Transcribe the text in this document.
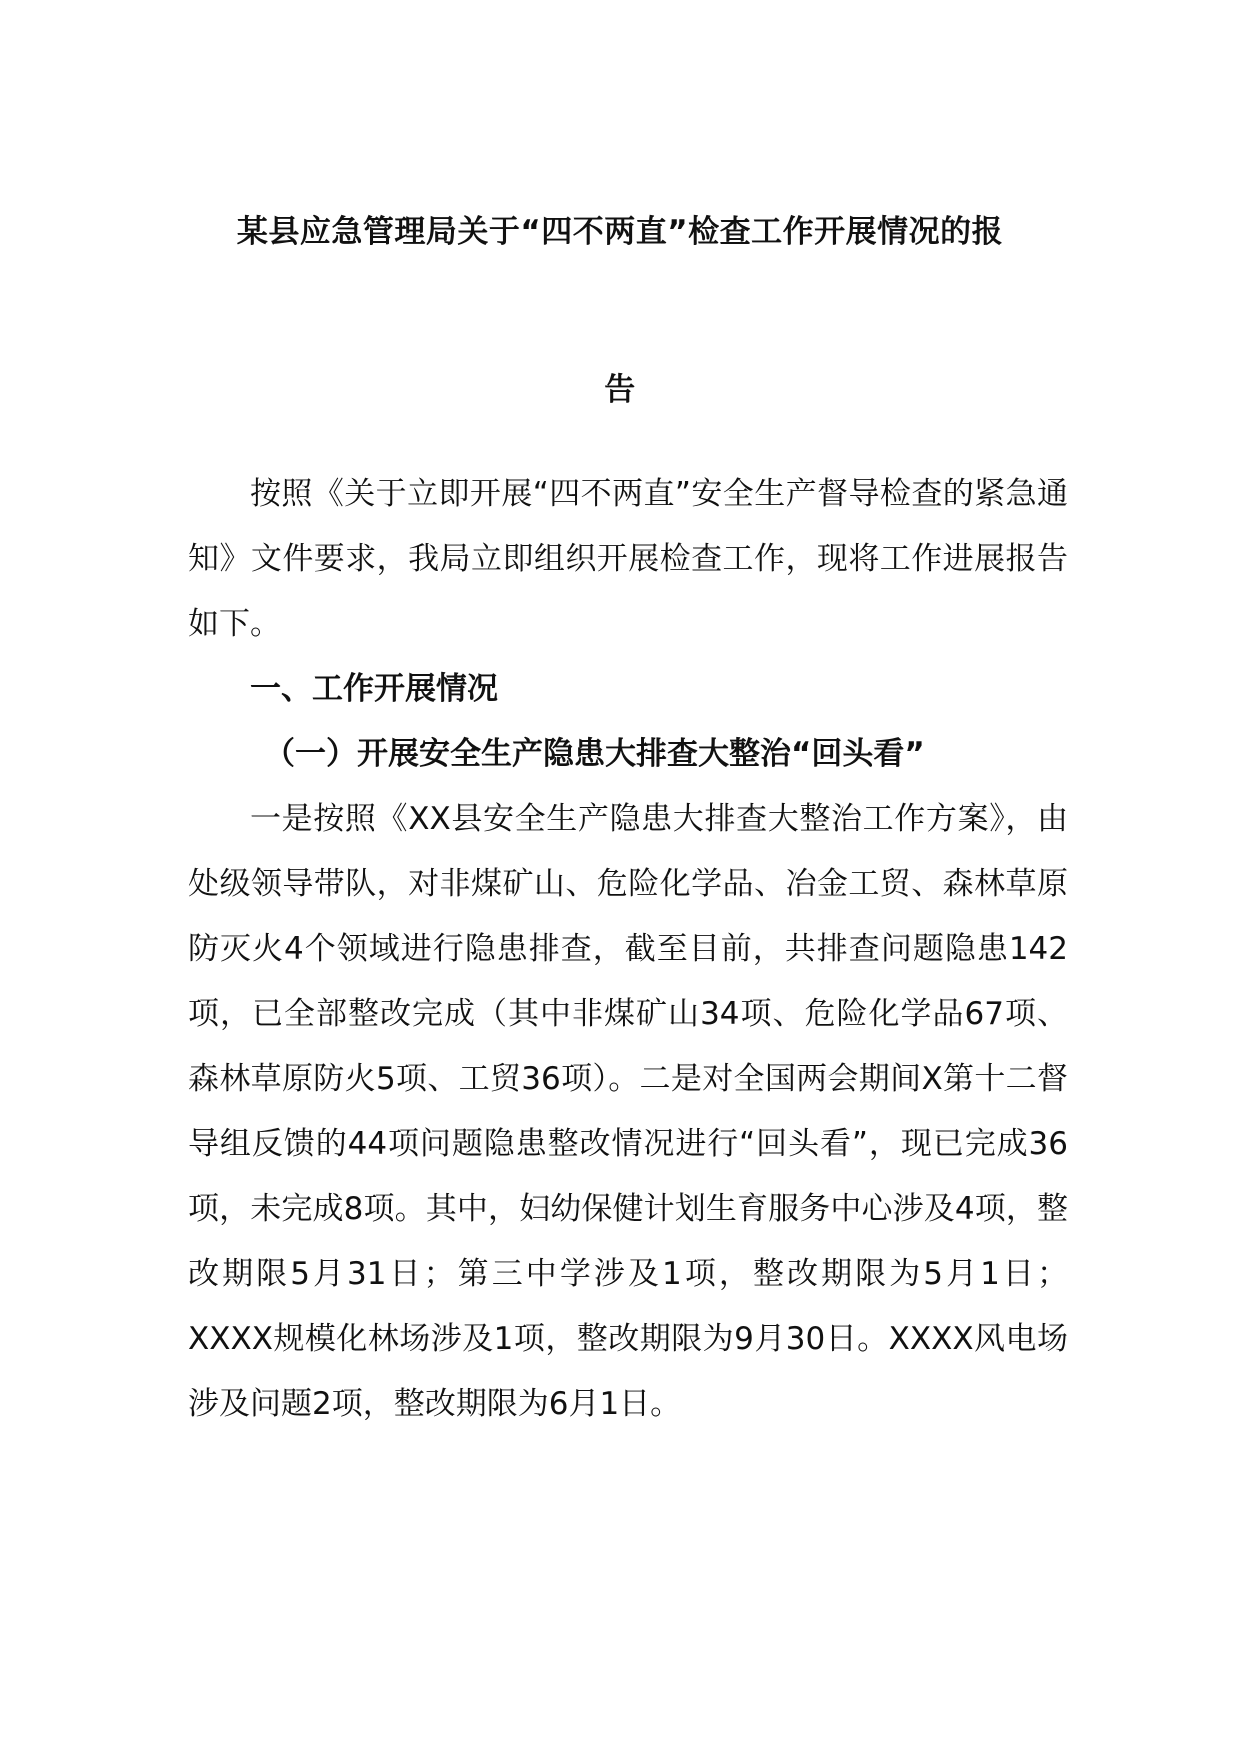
某县应急管理局关于“四不两直”检查工作开展情况的报
告

按照《关于立即开展“四不两直”安全生产督导检查的紧急通知》文件要求，我局立即组织开展检查工作，现将工作进展报告如下。

一、工作开展情况

（一）开展安全生产隐患大排查大整治“回头看”

一是按照《XX县安全生产隐患大排查大整治工作方案》，由处级领导带队，对非煤矿山、危险化学品、冶金工贸、森林草原防灭火4个领域进行隐患排查，截至目前，共排查问题隐患142项，已全部整改完成（其中非煤矿山34项、危险化学品67项、森林草原防火5项、工贸36项）。二是对全国两会期间X第十二督导组反馈的44项问题隐患整改情况进行“回头看”，现已完成36项，未完成8项。其中，妇幼保健计划生育服务中心涉及4项，整改期限5月31日；第三中学涉及1项，整改期限为5月1日；XXXX规模化林场涉及1项，整改期限为9月30日。XXXX风电场涉及问题2项，整改期限为6月1日。
